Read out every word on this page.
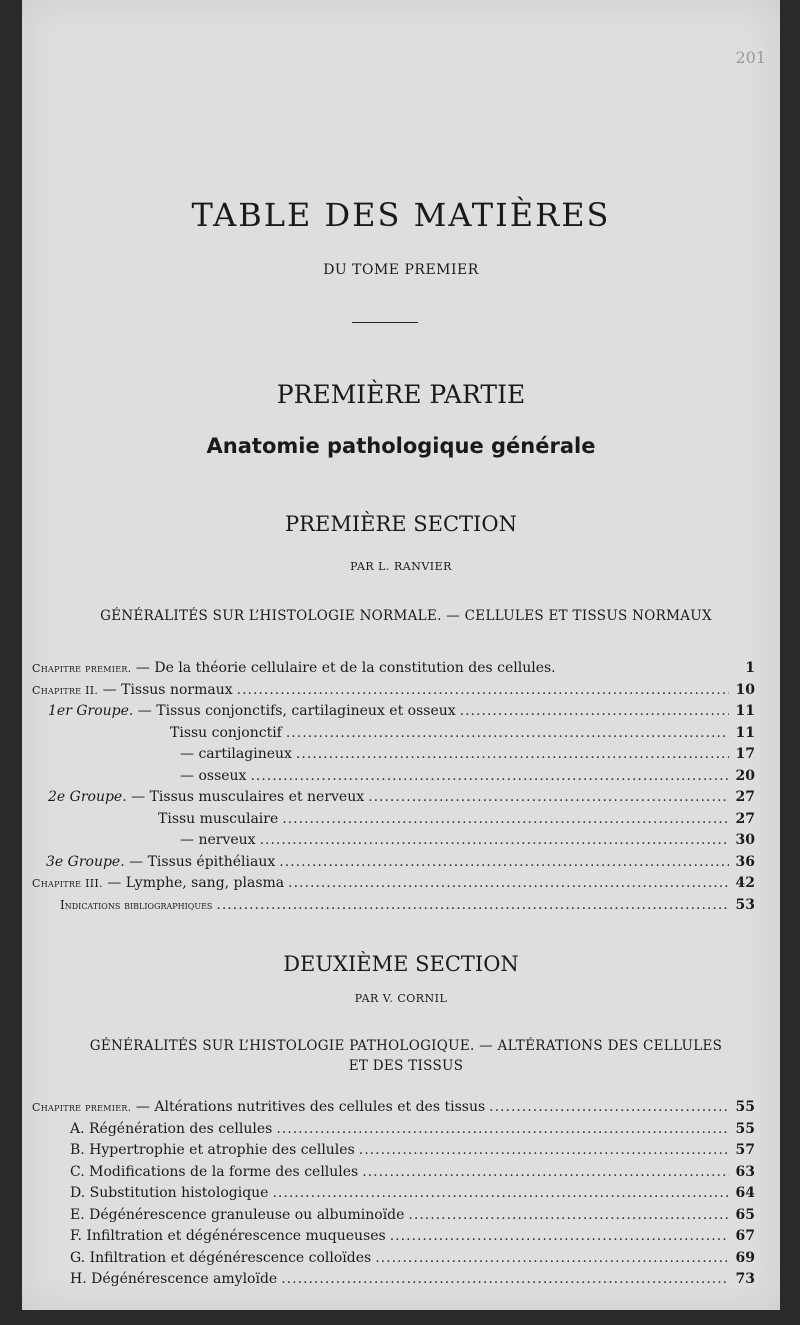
201
TABLE DES MATIÈRES
DU TOME PREMIER
PREMIÈRE PARTIE
Anatomie pathologique générale
PREMIÈRE SECTION
PAR L. RANVIER
GÉNÉRALITÉS SUR L’HISTOLOGIE NORMALE. — CELLULES ET TISSUS NORMAUX
Chapitre premier. — De la théorie cellulaire et de la constitution des cellules.	1
Chapitre II. — Tissus normaux .....	10
1er Groupe. — Tissus conjonctifs, cartilagineux et osseux .....	11
Tissu conjonctif .....	11
— cartilagineux .....	17
— osseux .....	20
2e Groupe. — Tissus musculaires et nerveux .....	27
Tissu musculaire .....	27
— nerveux .....	30
3e Groupe. — Tissus épithéliaux .....	36
Chapitre III. — Lymphe, sang, plasma .....	42
Indications bibliographiques .....	53
DEUXIÈME SECTION
PAR V. CORNIL
GÉNÉRALITÉS SUR L’HISTOLOGIE PATHOLOGIQUE. — ALTÉRATIONS DES CELLULES
ET DES TISSUS
Chapitre premier. — Altérations nutritives des cellules et des tissus .....	55
A. Régénération des cellules .....	55
B. Hypertrophie et atrophie des cellules .....	57
C. Modifications de la forme des cellules .....	63
D. Substitution histologique .....	64
E. Dégénérescence granuleuse ou albuminoïde .....	65
F. Infiltration et dégénérescence muqueuses .....	67
G. Infiltration et dégénérescence colloïdes .....	69
H. Dégénérescence amyloïde .....	73
